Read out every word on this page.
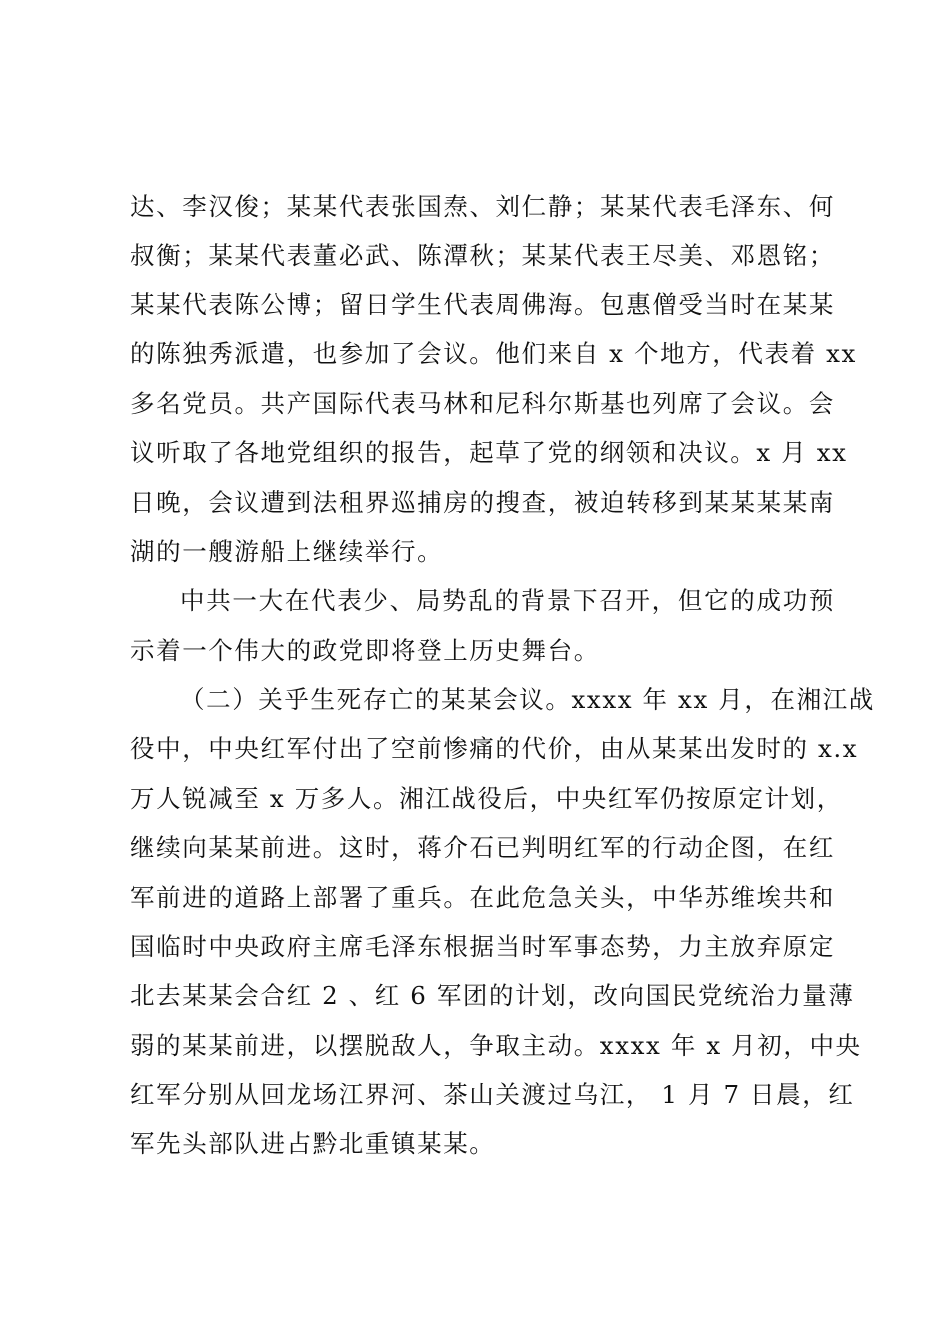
达、李汉俊；某某代表张国焘、刘仁静；某某代表毛泽东、何
叔衡；某某代表董必武、陈潭秋；某某代表王尽美、邓恩铭；
某某代表陈公博；留日学生代表周佛海。包惠僧受当时在某某
的陈独秀派遣，也参加了会议。他们来自 x 个地方，代表着 xx
多名党员。共产国际代表马林和尼科尔斯基也列席了会议。会
议听取了各地党组织的报告，起草了党的纲领和决议。x 月 xx
日晚，会议遭到法租界巡捕房的搜查，被迫转移到某某某某南
湖的一艘游船上继续举行。
中共一大在代表少、局势乱的背景下召开，但它的成功预
示着一个伟大的政党即将登上历史舞台。
（二）关乎生死存亡的某某会议。xxxx 年 xx 月，在湘江战
役中，中央红军付出了空前惨痛的代价，由从某某出发时的 x.x
万人锐减至 x 万多人。湘江战役后，中央红军仍按原定计划，
继续向某某前进。这时，蒋介石已判明红军的行动企图，在红
军前进的道路上部署了重兵。在此危急关头，中华苏维埃共和
国临时中央政府主席毛泽东根据当时军事态势，力主放弃原定
北去某某会合红 2 、红 6 军团的计划，改向国民党统治力量薄
弱的某某前进，以摆脱敌人，争取主动。xxxx 年 x 月初，中央
红军分别从回龙场江界河、茶山关渡过乌江， 1 月 7 日晨，红
军先头部队进占黔北重镇某某。
